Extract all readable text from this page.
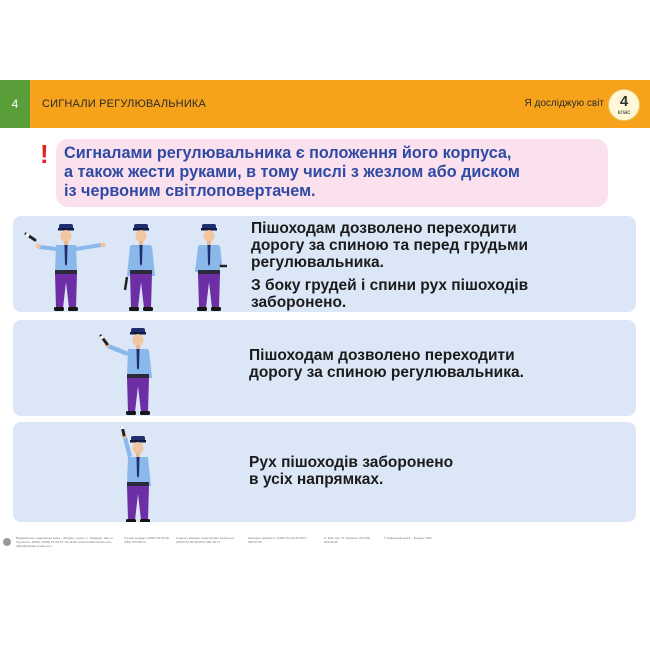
4	СИГНАЛИ РЕГУЛЮВАЛЬНИКА	Я досліджую світ	4
клас
! Сигналами регулювальника є положення його корпуса,
а також жести руками, в тому числі з жезлом або диском
із червоним світлоповертачем.
Пішоходам дозволено переходити
дорогу за спиною та перед грудьми
регулювальника.
З боку грудей і спини рух пішоходів
заборонено.
Пішоходам дозволено переходити
дорогу за спиною регулювальника.
Рух пішоходів заборонено
в усіх напрямках.
Видавництво «Навчальна книга – Богдан», просп. С. Бандери, 34а, м. Тернопіль, 46002, (0352) 52-06-07; 52-19-66, www.bohdan-books.com; office@bohdan-books.com
Гуртові продажі: (0352) 52-05-48 (050) 376-38-14
Інтернет-магазин: www.bohdan-books.com (0352) 52-05-48 (067) 350-18-71
Книгарня «Букініст»: (0352) 52-22-43 (067) 356-57-86
м. Київ, вул. Ф. Пушиної, 25 (044) 233-04-06
© Навчальна книга – Богдан, 2020
